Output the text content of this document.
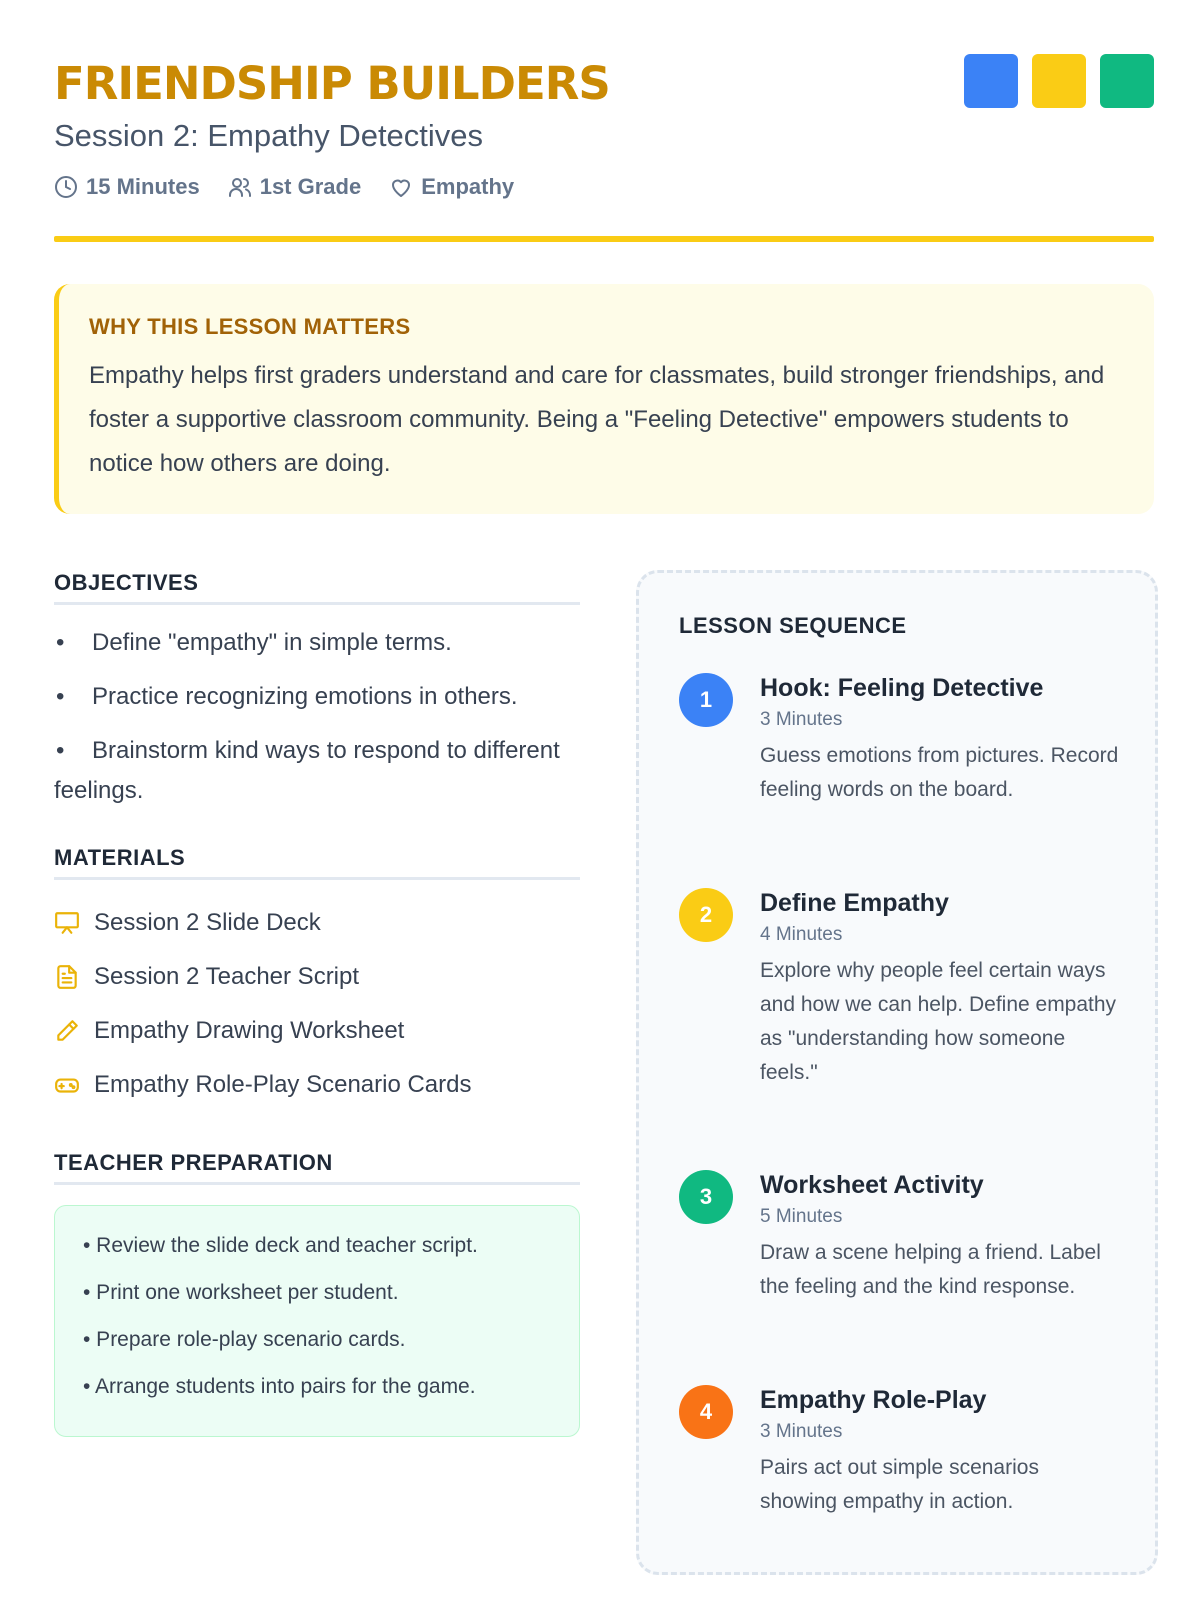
FRIENDSHIP BUILDERS
Session 2: Empathy Detectives
15 Minutes	1st Grade	Empathy
WHY THIS LESSON MATTERS
Empathy helps first graders understand and care for classmates, build stronger friendships, and foster a supportive classroom community. Being a "Feeling Detective" empowers students to notice how others are doing.
OBJECTIVES
• Define "empathy" in simple terms.
• Practice recognizing emotions in others.
• Brainstorm kind ways to respond to different feelings.
MATERIALS
Session 2 Slide Deck
Session 2 Teacher Script
Empathy Drawing Worksheet
Empathy Role-Play Scenario Cards
TEACHER PREPARATION
• Review the slide deck and teacher script.
• Print one worksheet per student.
• Prepare role-play scenario cards.
• Arrange students into pairs for the game.
LESSON SEQUENCE
1	Hook: Feeling Detective
3 Minutes
Guess emotions from pictures. Record feeling words on the board.
2	Define Empathy
4 Minutes
Explore why people feel certain ways and how we can help. Define empathy as "understanding how someone feels."
3	Worksheet Activity
5 Minutes
Draw a scene helping a friend. Label the feeling and the kind response.
4	Empathy Role-Play
3 Minutes
Pairs act out simple scenarios showing empathy in action.
